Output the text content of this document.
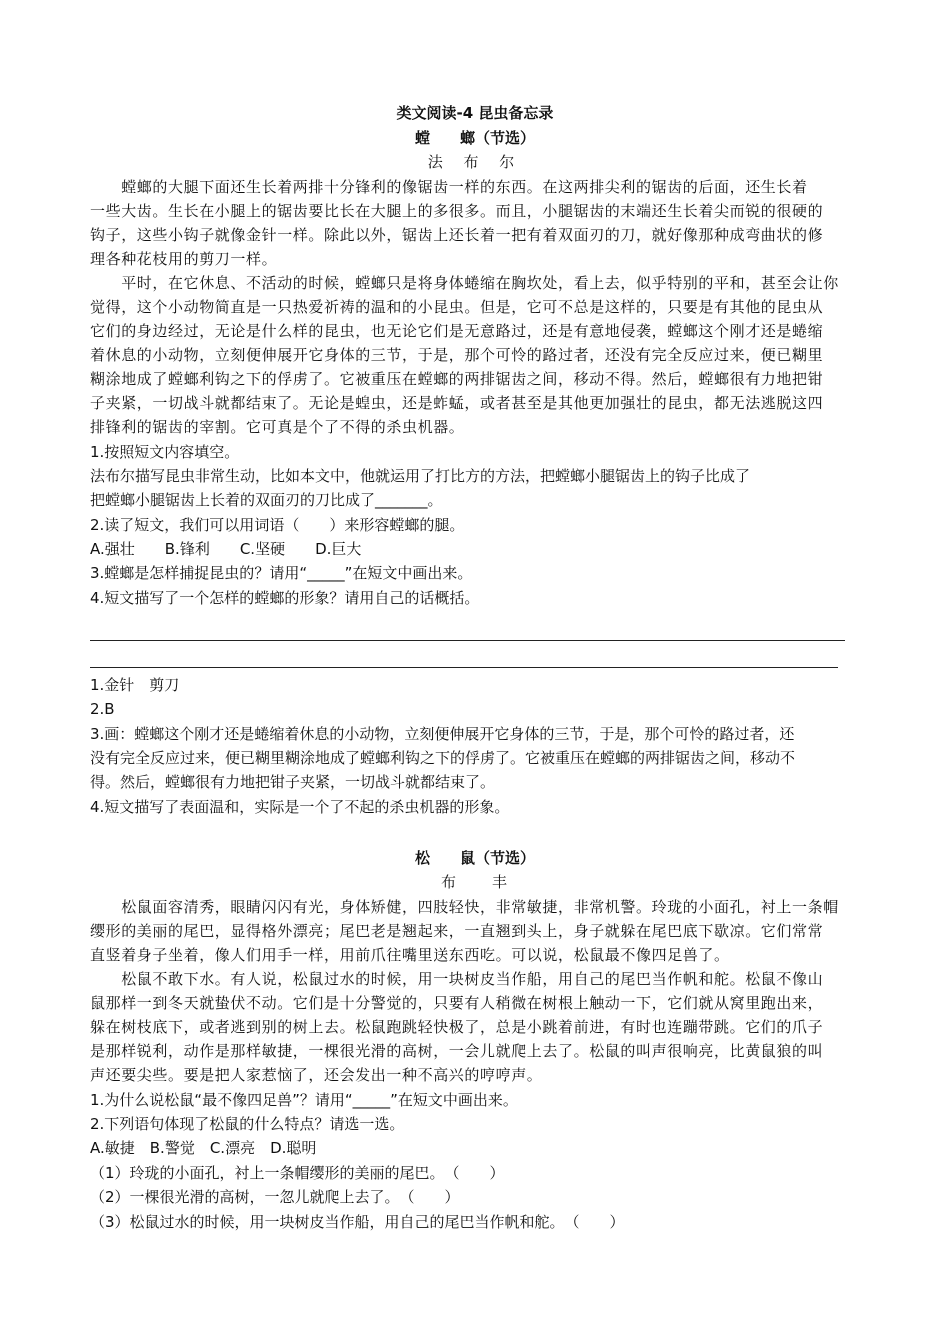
类文阅读-4 昆虫备忘录
螳　　螂（节选）
法 布 尔
　　螳螂的大腿下面还生长着两排十分锋利的像锯齿一样的东西。在这两排尖利的锯齿的后面，还生长着
一些大齿。生长在小腿上的锯齿要比长在大腿上的多很多。而且，小腿锯齿的末端还生长着尖而锐的很硬的
钩子，这些小钩子就像金针一样。除此以外，锯齿上还长着一把有着双面刃的刀，就好像那种成弯曲状的修
理各种花枝用的剪刀一样。
　　平时，在它休息、不活动的时候，螳螂只是将身体蜷缩在胸坎处，看上去，似乎特别的平和，甚至会让你
觉得，这个小动物简直是一只热爱祈祷的温和的小昆虫。但是，它可不总是这样的，只要是有其他的昆虫从
它们的身边经过，无论是什么样的昆虫，也无论它们是无意路过，还是有意地侵袭，螳螂这个刚才还是蜷缩
着休息的小动物，立刻便伸展开它身体的三节，于是，那个可怜的路过者，还没有完全反应过来，便已糊里
糊涂地成了螳螂利钩之下的俘虏了。它被重压在螳螂的两排锯齿之间，移动不得。然后，螳螂很有力地把钳
子夹紧，一切战斗就都结束了。无论是蝗虫，还是蚱蜢，或者甚至是其他更加强壮的昆虫，都无法逃脱这四
排锋利的锯齿的宰割。它可真是个了不得的杀虫机器。
1.按照短文内容填空。
法布尔描写昆虫非常生动，比如本文中，他就运用了打比方的方法，把螳螂小腿锯齿上的钩子比成了
把螳螂小腿锯齿上长着的双面刃的刀比成了_______。
2.读了短文，我们可以用词语（　　）来形容螳螂的腿。
A.强壮　　B.锋利　　C.坚硬　　D.巨大
3.螳螂是怎样捕捉昆虫的？请用“_____”在短文中画出来。
4.短文描写了一个怎样的螳螂的形象？请用自己的话概括。
1.金针　剪刀
2.B
3.画：螳螂这个刚才还是蜷缩着休息的小动物，立刻便伸展开它身体的三节，于是，那个可怜的路过者，还
没有完全反应过来，便已糊里糊涂地成了螳螂利钩之下的俘虏了。它被重压在螳螂的两排锯齿之间，移动不
得。然后，螳螂很有力地把钳子夹紧，一切战斗就都结束了。
4.短文描写了表面温和，实际是一个了不起的杀虫机器的形象。
松　　鼠（节选）
布　　丰
　　松鼠面容清秀，眼睛闪闪有光，身体矫健，四肢轻快，非常敏捷，非常机警。玲珑的小面孔，衬上一条帽
缨形的美丽的尾巴，显得格外漂亮；尾巴老是翘起来，一直翘到头上，身子就躲在尾巴底下歇凉。它们常常
直竖着身子坐着，像人们用手一样，用前爪往嘴里送东西吃。可以说，松鼠最不像四足兽了。
　　松鼠不敢下水。有人说，松鼠过水的时候，用一块树皮当作船，用自己的尾巴当作帆和舵。松鼠不像山
鼠那样一到冬天就蛰伏不动。它们是十分警觉的，只要有人稍微在树根上触动一下，它们就从窝里跑出来，
躲在树枝底下，或者逃到别的树上去。松鼠跑跳轻快极了，总是小跳着前进，有时也连蹦带跳。它们的爪子
是那样锐利，动作是那样敏捷，一棵很光滑的高树，一会儿就爬上去了。松鼠的叫声很响亮，比黄鼠狼的叫
声还要尖些。要是把人家惹恼了，还会发出一种不高兴的哼哼声。
1.为什么说松鼠“最不像四足兽”？请用“_____”在短文中画出来。
2.下列语句体现了松鼠的什么特点？请选一选。
A.敏捷　B.警觉　C.漂亮　D.聪明
（1）玲珑的小面孔，衬上一条帽缨形的美丽的尾巴。　（　　）
（2）一棵很光滑的高树，一忽儿就爬上去了。　（　　）
（3）松鼠过水的时候，用一块树皮当作船，用自己的尾巴当作帆和舵。　（　　）
